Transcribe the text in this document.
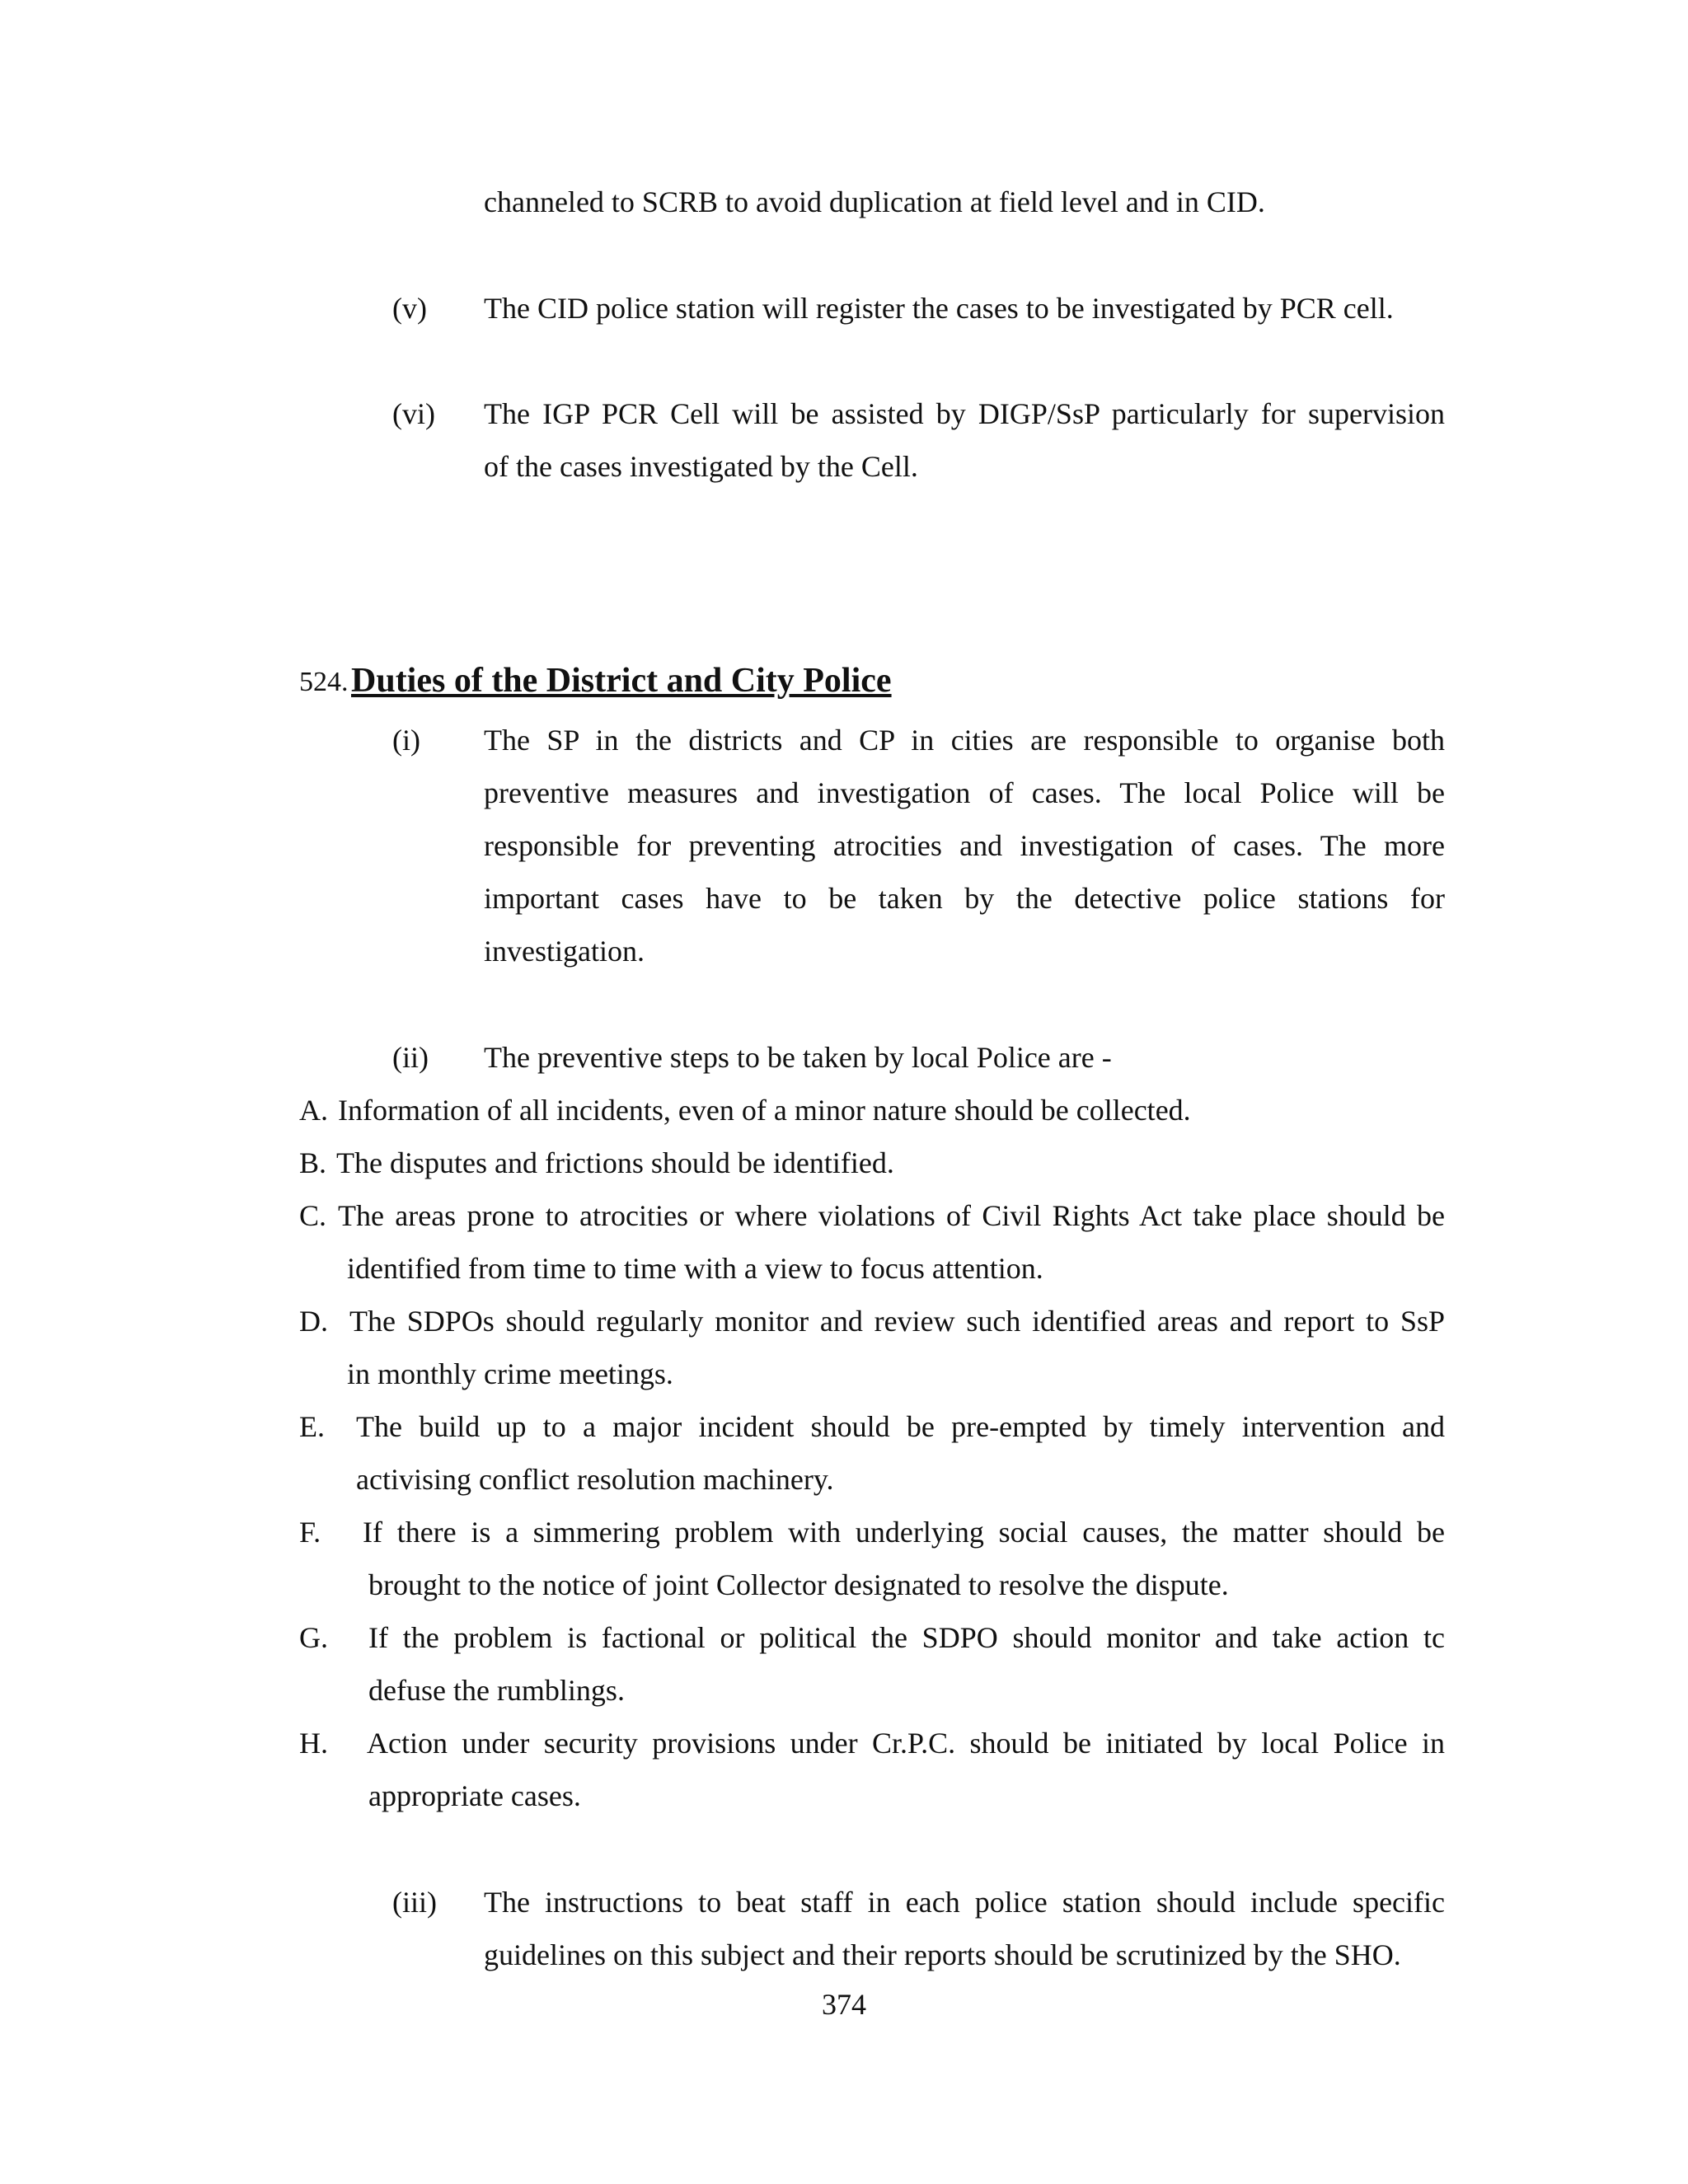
channeled to SCRB to avoid duplication at field level and in CID.
(v) The CID police station will register the cases to be investigated by PCR cell.
(vi) The IGP PCR Cell will be assisted by DIGP/SsP particularly for supervision
of the cases investigated by the Cell.
524. Duties of the District and City Police
(i) The SP in the districts and CP in cities are responsible to organise both
preventive measures and investigation of cases. The local Police will be
responsible for preventing atrocities and investigation of cases. The more
important cases have to be taken by the detective police stations for
investigation.
(ii) The preventive steps to be taken by local Police are -
A. Information of all incidents, even of a minor nature should be collected.
B. The disputes and frictions should be identified.
C. The areas prone to atrocities or where violations of Civil Rights Act take place should be
identified from time to time with a view to focus attention.
D. The SDPOs should regularly monitor and review such identified areas and report to SsP
in monthly crime meetings.
E. The build up to a major incident should be pre-empted by timely intervention and
activising conflict resolution machinery.
F. If there is a simmering problem with underlying social causes, the matter should be
brought to the notice of joint Collector designated to resolve the dispute.
G. If the problem is factional or political the SDPO should monitor and take action tc
defuse the rumblings.
H. Action under security provisions under Cr.P.C. should be initiated by local Police in
appropriate cases.
(iii) The instructions to beat staff in each police station should include specific
guidelines on this subject and their reports should be scrutinized by the SHO.
374
